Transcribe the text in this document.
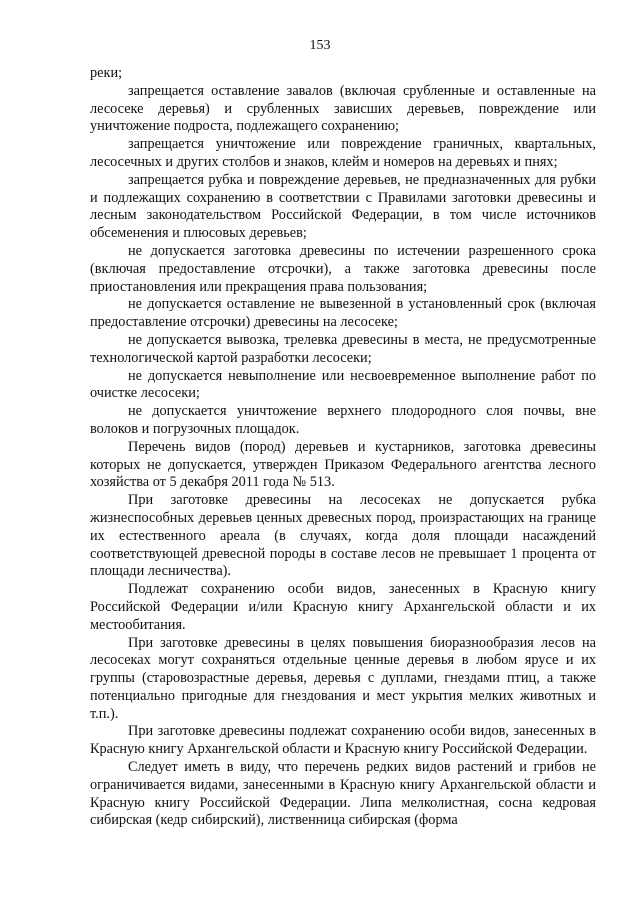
153

реки;

запрещается оставление завалов (включая срубленные и оставленные на лесосеке деревья) и срубленных зависших деревьев, повреждение или уничтожение подроста, подлежащего сохранению;

запрещается уничтожение или повреждение граничных, квартальных, лесосечных и других столбов и знаков, клейм и номеров на деревьях и пнях;

запрещается рубка и повреждение деревьев, не предназначенных для рубки и подлежащих сохранению в соответствии с Правилами заготовки древесины и лесным законодательством Российской Федерации, в том числе источников обсеменения и плюсовых деревьев;

не допускается заготовка древесины по истечении разрешенного срока (включая предоставление отсрочки), а также заготовка древесины после приостановления или прекращения права пользования;

не допускается оставление не вывезенной в установленный срок (включая предоставление отсрочки) древесины на лесосеке;

не допускается вывозка, трелевка древесины в места, не предусмотренные технологической картой разработки лесосеки;

не допускается невыполнение или несвоевременное выполнение работ по очистке лесосеки;

не допускается уничтожение верхнего плодородного слоя почвы, вне волоков и погрузочных площадок.

Перечень видов (пород) деревьев и кустарников, заготовка древесины которых не допускается, утвержден Приказом Федерального агентства лесного хозяйства от 5 декабря 2011 года № 513.

При заготовке древесины на лесосеках не допускается рубка жизнеспособных деревьев ценных древесных пород, произрастающих на границе их естественного ареала (в случаях, когда доля площади насаждений соответствующей древесной породы в составе лесов не превышает 1 процента от площади лесничества).

Подлежат сохранению особи видов, занесенных в Красную книгу Российской Федерации и/или Красную книгу Архангельской области и их местообитания.

При заготовке древесины в целях повышения биоразнообразия лесов на лесосеках могут сохраняться отдельные ценные деревья в любом ярусе и их группы (старовозрастные деревья, деревья с дуплами, гнездами птиц, а также потенциально пригодные для гнездования и мест укрытия мелких животных и т.п.).

При заготовке древесины подлежат сохранению особи видов, занесенных в Красную книгу Архангельской области и Красную книгу Российской Федерации.

Следует иметь в виду, что перечень редких видов растений и грибов не ограничивается видами, занесенными в Красную книгу Архангельской области и Красную книгу Российской Федерации. Липа мелколистная, сосна кедровая сибирская (кедр сибирский), лиственница сибирская (форма
